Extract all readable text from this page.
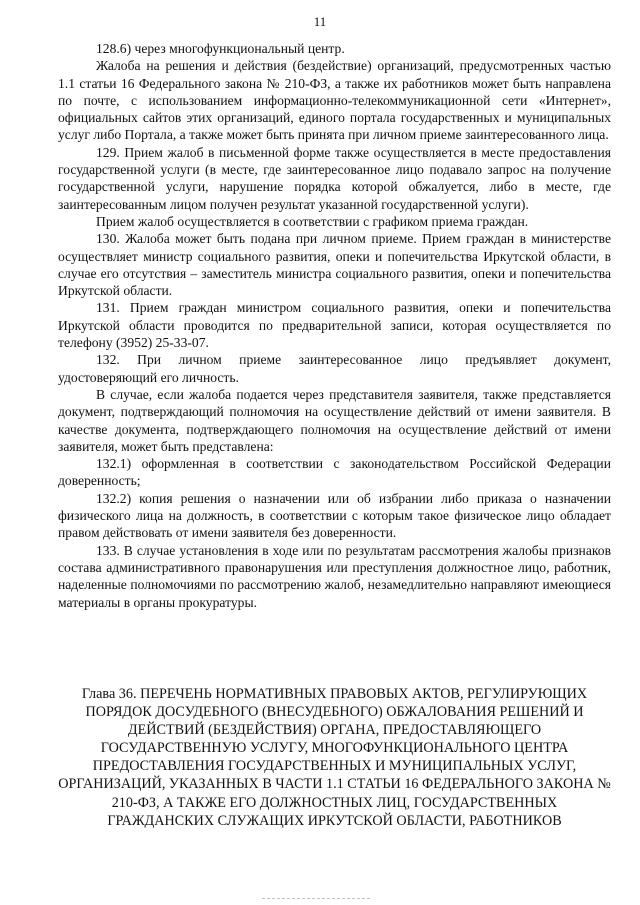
11

128.6) через многофункциональный центр.

Жалоба на решения и действия (бездействие) организаций, предусмотренных частью 1.1 статьи 16 Федерального закона № 210-ФЗ, а также их работников может быть направлена по почте, с использованием информационно-телекоммуникационной сети «Интернет», официальных сайтов этих организаций, единого портала государственных и муниципальных услуг либо Портала, а также может быть принята при личном приеме заинтересованного лица.

129. Прием жалоб в письменной форме также осуществляется в месте предоставления государственной услуги (в месте, где заинтересованное лицо подавало запрос на получение государственной услуги, нарушение порядка которой обжалуется, либо в месте, где заинтересованным лицом получен результат указанной государственной услуги).

Прием жалоб осуществляется в соответствии с графиком приема граждан.

130. Жалоба может быть подана при личном приеме. Прием граждан в министерстве осуществляет министр социального развития, опеки и попечительства Иркутской области, в случае его отсутствия – заместитель министра социального развития, опеки и попечительства Иркутской области.

131. Прием граждан министром социального развития, опеки и попечительства Иркутской области проводится по предварительной записи, которая осуществляется по телефону (3952) 25-33-07.

132. При личном приеме заинтересованное лицо предъявляет документ, удостоверяющий его личность.

В случае, если жалоба подается через представителя заявителя, также представляется документ, подтверждающий полномочия на осуществление действий от имени заявителя. В качестве документа, подтверждающего полномочия на осуществление действий от имени заявителя, может быть представлена:

132.1) оформленная в соответствии с законодательством Российской Федерации доверенность;

132.2) копия решения о назначении или об избрании либо приказа о назначении физического лица на должность, в соответствии с которым такое физическое лицо обладает правом действовать от имени заявителя без доверенности.

133. В случае установления в ходе или по результатам рассмотрения жалобы признаков состава административного правонарушения или преступления должностное лицо, работник, наделенные полномочиями по рассмотрению жалоб, незамедлительно направляют имеющиеся материалы в органы прокуратуры.

Глава 36. ПЕРЕЧЕНЬ НОРМАТИВНЫХ ПРАВОВЫХ АКТОВ, РЕГУЛИРУЮЩИХ ПОРЯДОК ДОСУДЕБНОГО (ВНЕСУДЕБНОГО) ОБЖАЛОВАНИЯ РЕШЕНИЙ И ДЕЙСТВИЙ (БЕЗДЕЙСТВИЯ) ОРГАНА, ПРЕДОСТАВЛЯЮЩЕГО ГОСУДАРСТВЕННУЮ УСЛУГУ, МНОГОФУНКЦИОНАЛЬНОГО ЦЕНТРА ПРЕДОСТАВЛЕНИЯ ГОСУДАРСТВЕННЫХ И МУНИЦИПАЛЬНЫХ УСЛУГ, ОРГАНИЗАЦИЙ, УКАЗАННЫХ В ЧАСТИ 1.1 СТАТЬИ 16 ФЕДЕРАЛЬНОГО ЗАКОНА № 210-ФЗ, А ТАКЖЕ ЕГО ДОЛЖНОСТНЫХ ЛИЦ, ГОСУДАРСТВЕННЫХ ГРАЖДАНСКИХ СЛУЖАЩИХ ИРКУТСКОЙ ОБЛАСТИ, РАБОТНИКОВ
